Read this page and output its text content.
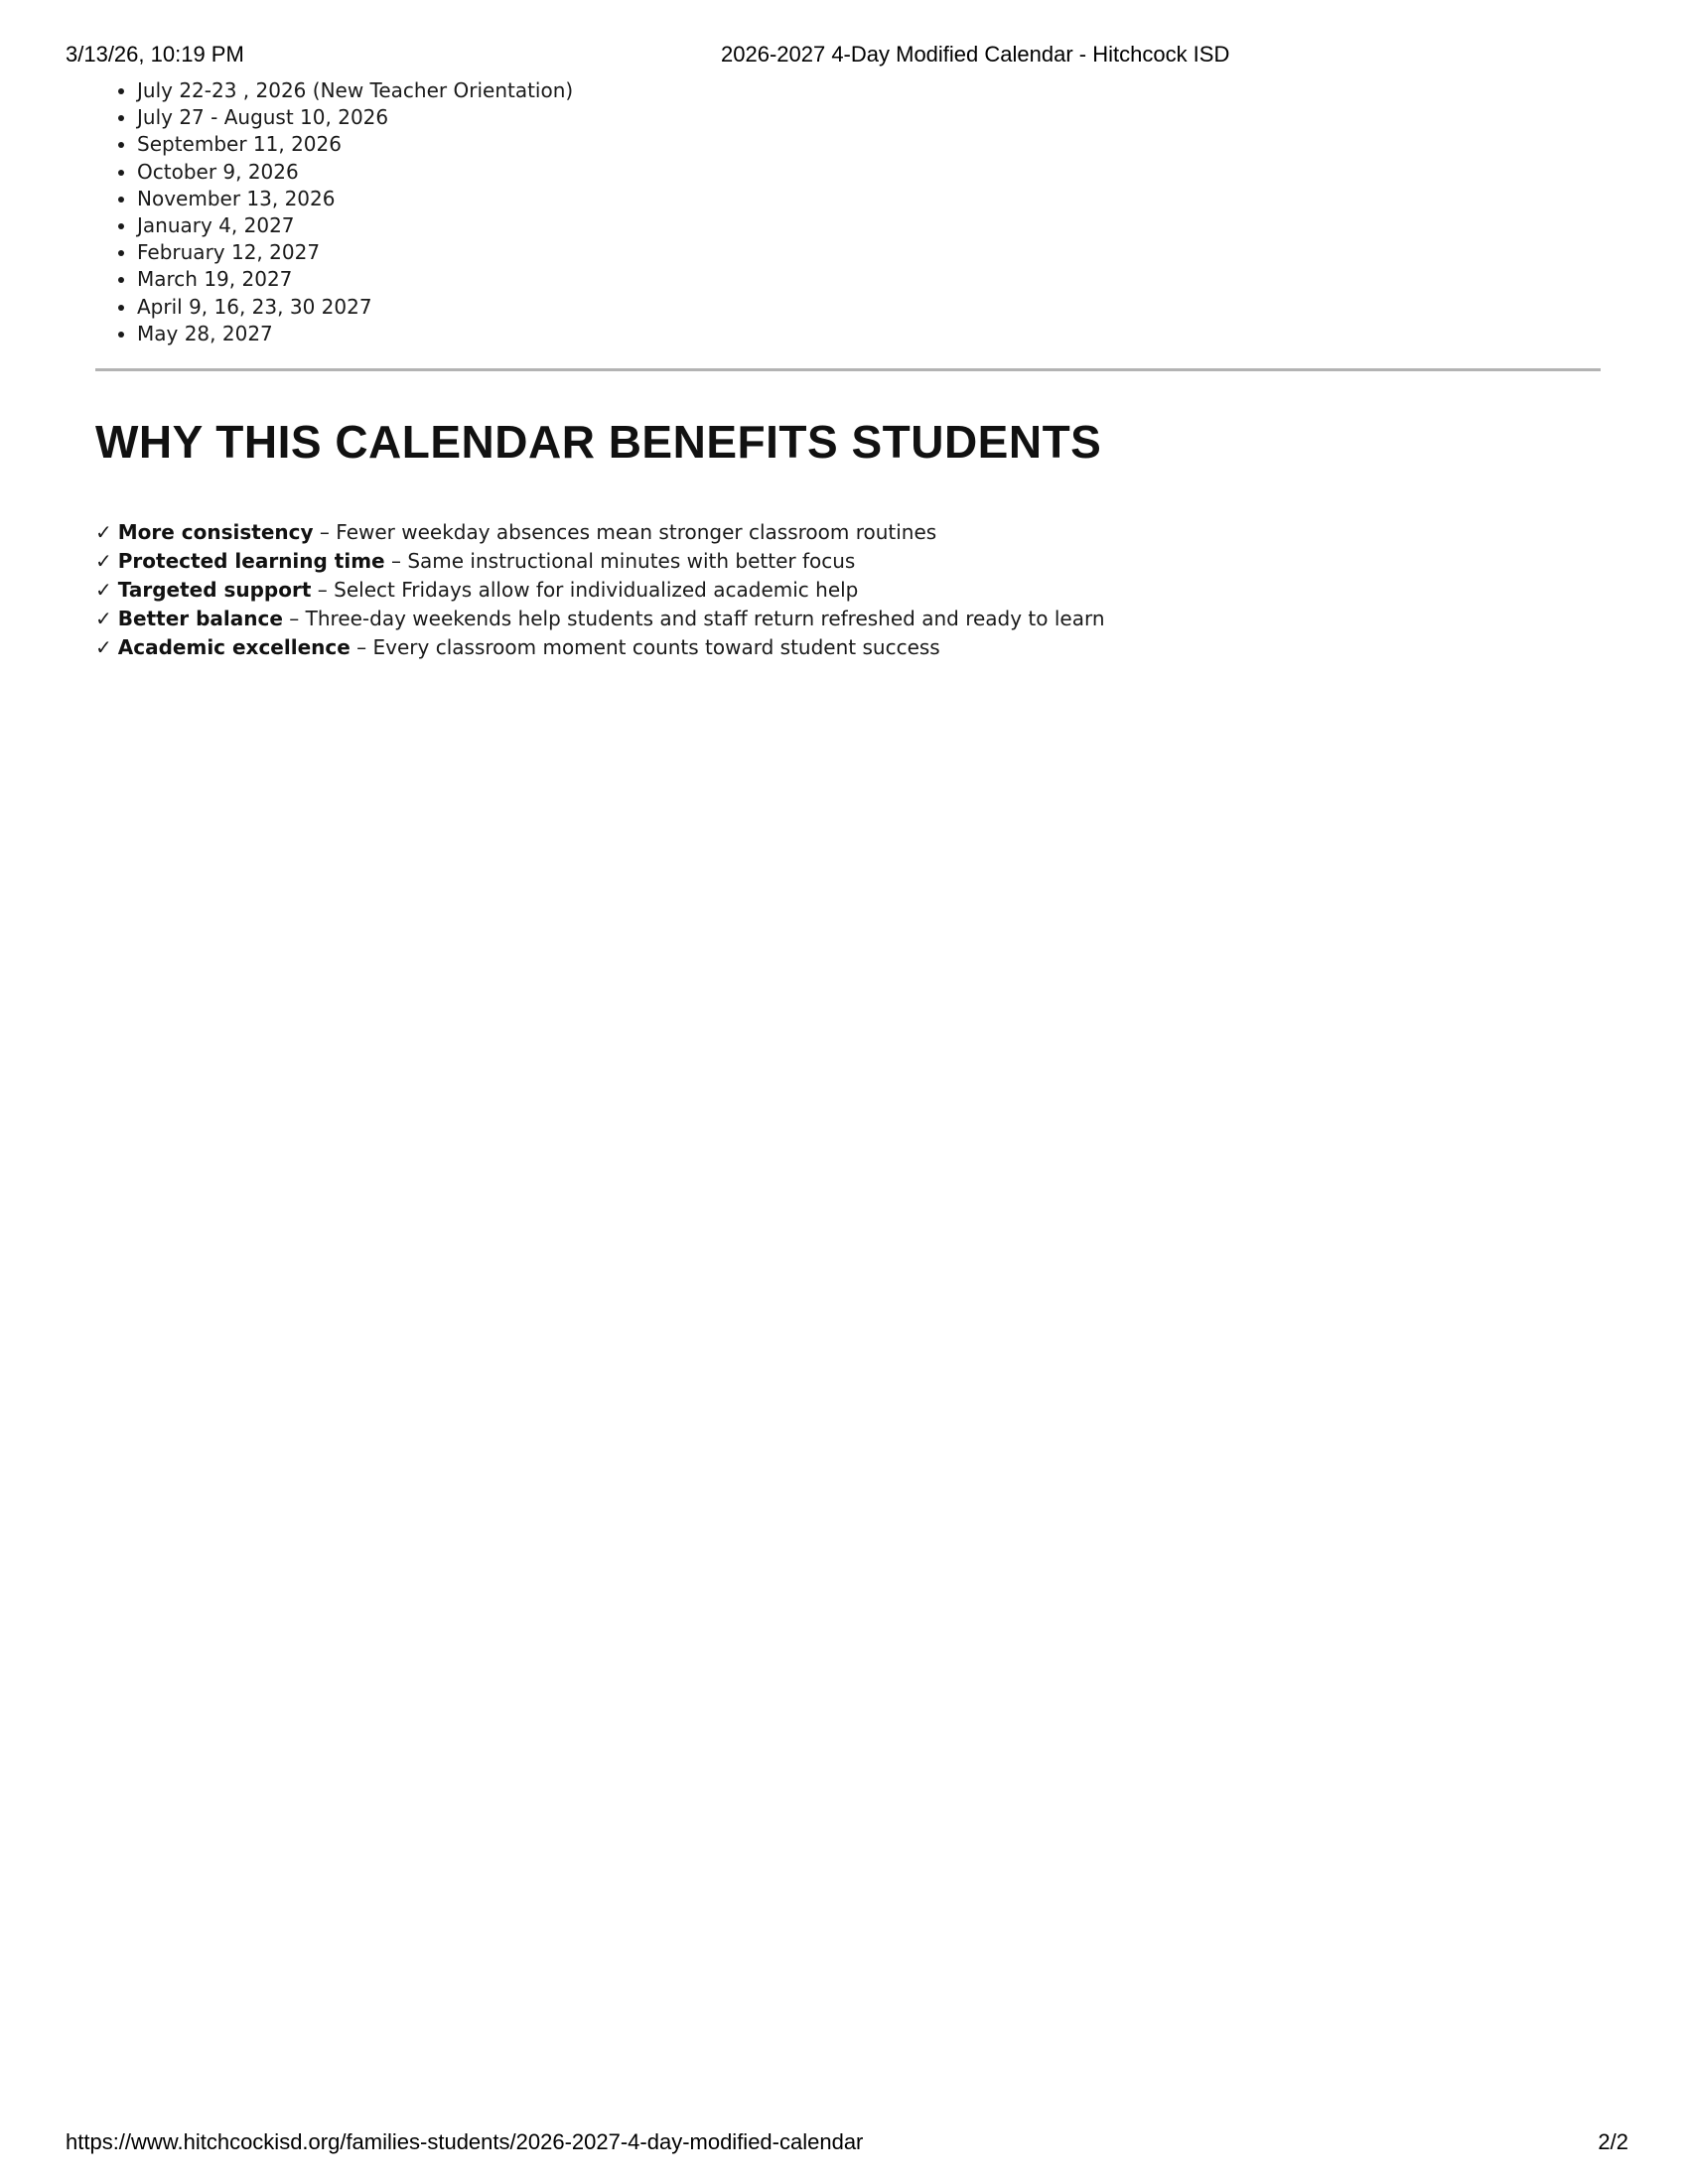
3/13/26, 10:19 PM	2026-2027 4-Day Modified Calendar - Hitchcock ISD
• July 22-23 , 2026 (New Teacher Orientation)
• July 27 - August 10, 2026
• September 11, 2026
• October 9, 2026
• November 13, 2026
• January 4, 2027
• February 12, 2027
• March 19, 2027
• April 9, 16, 23, 30 2027
• May 28, 2027
WHY THIS CALENDAR BENEFITS STUDENTS
✓ More consistency – Fewer weekday absences mean stronger classroom routines
✓ Protected learning time – Same instructional minutes with better focus
✓ Targeted support – Select Fridays allow for individualized academic help
✓ Better balance – Three-day weekends help students and staff return refreshed and ready to learn
✓ Academic excellence – Every classroom moment counts toward student success
https://www.hitchcockisd.org/families-students/2026-2027-4-day-modified-calendar	2/2
